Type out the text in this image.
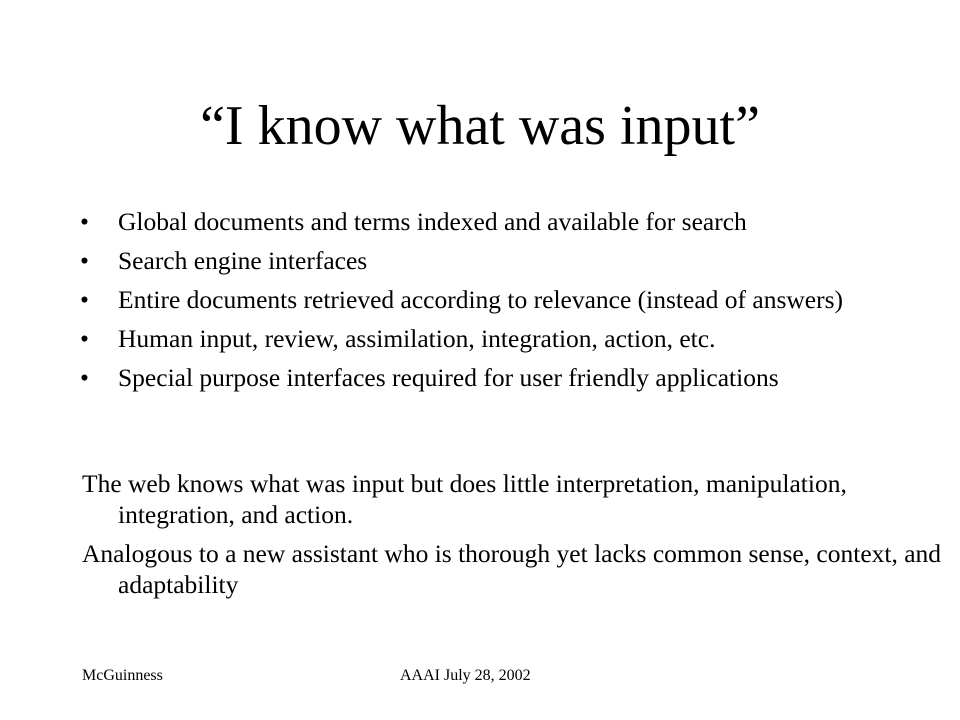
“I know what was input”
• Global documents and terms indexed and available for search
• Search engine interfaces
• Entire documents retrieved according to relevance (instead of answers)
• Human input, review, assimilation, integration, action, etc.
• Special purpose interfaces required for user friendly applications

The web knows what was input but does little interpretation, manipulation, integration, and action.

Analogous to a new assistant who is thorough yet lacks common sense, context, and adaptability

McGuinness	AAAI July 28, 2002
